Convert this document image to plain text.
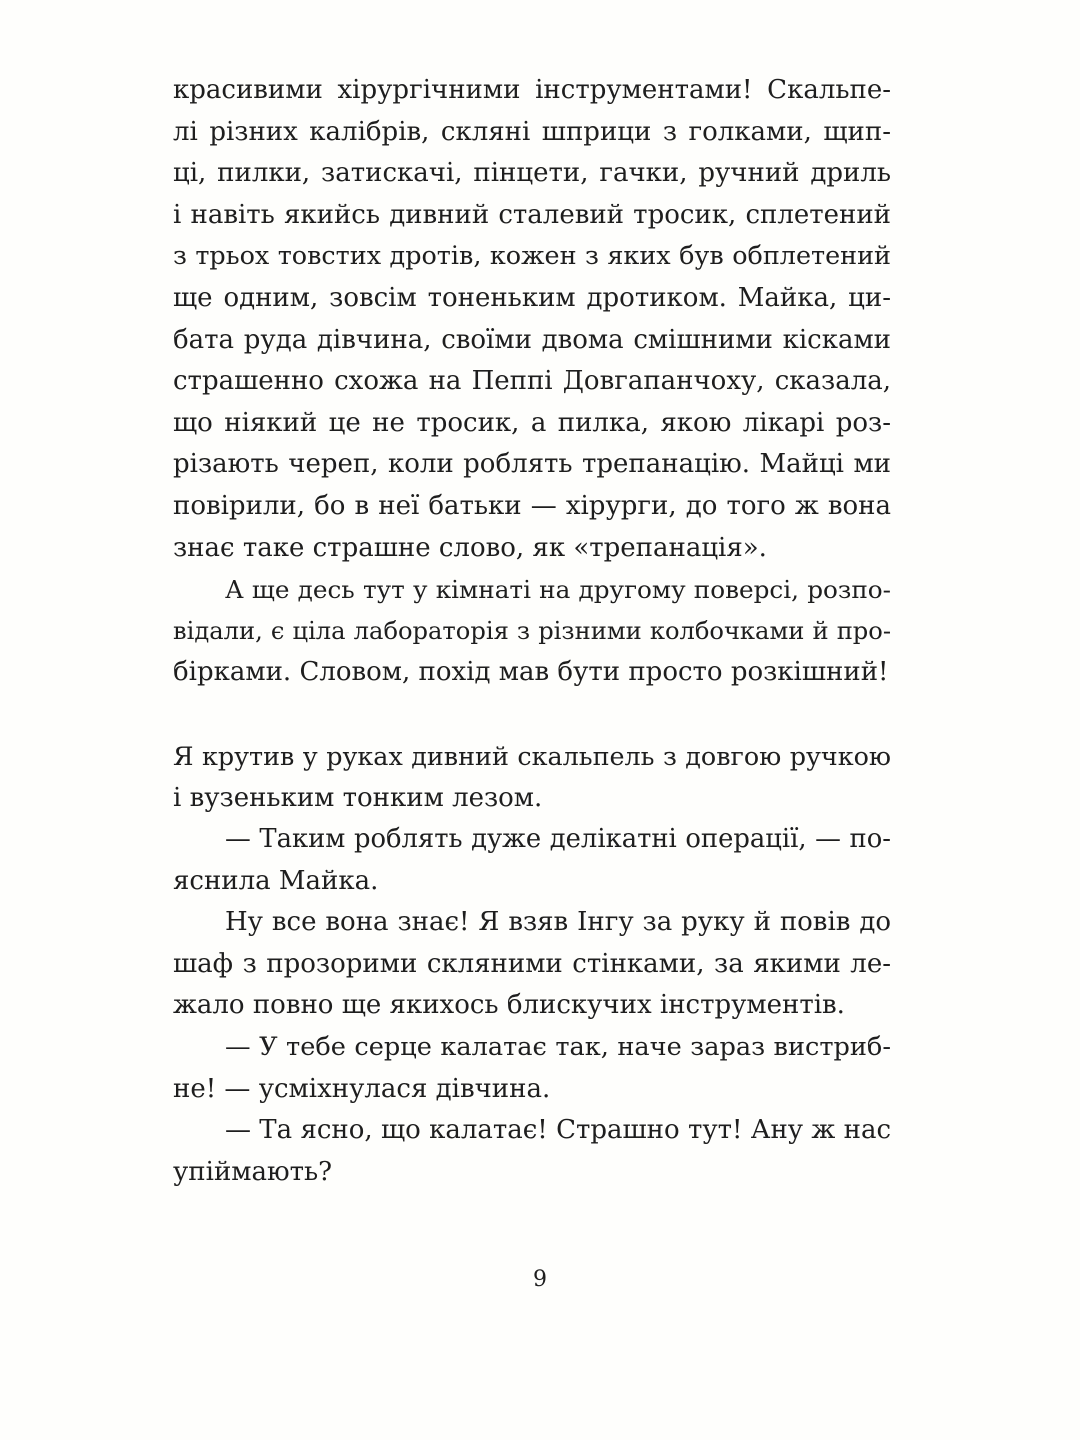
красивими хірургічними інструментами! Скальпе-
лі різних калібрів, скляні шприци з голками, щип-
ці, пилки, затискачі, пінцети, гачки, ручний дриль
і навіть якийсь дивний сталевий тросик, сплетений
з трьох товстих дротів, кожен з яких був обплетений
ще одним, зовсім тоненьким дротиком. Майка, ци-
бата руда дівчина, своїми двома смішними кісками
страшенно схожа на Пеппі Довгапанчоху, сказала,
що ніякий це не тросик, а пилка, якою лікарі роз-
різають череп, коли роблять трепанацію. Майці ми
повірили, бо в неї батьки — хірурги, до того ж вона
знає таке страшне слово, як «трепанація».
А ще десь тут у кімнаті на другому поверсі, розпо-
відали, є ціла лабораторія з різними колбочками й про-
бірками. Словом, похід мав бути просто розкішний!
Я крутив у руках дивний скальпель з довгою ручкою
і вузеньким тонким лезом.
— Таким роблять дуже делікатні операції, — по-
яснила Майка.
Ну все вона знає! Я взяв Інгу за руку й повів до
шаф з прозорими скляними стінками, за якими ле-
жало повно ще якихось блискучих інструментів.
— У тебе серце калатає так, наче зараз вистриб-
не! — усміхнулася дівчина.
— Та ясно, що калатає! Страшно тут! Ану ж нас
упіймають?
9
